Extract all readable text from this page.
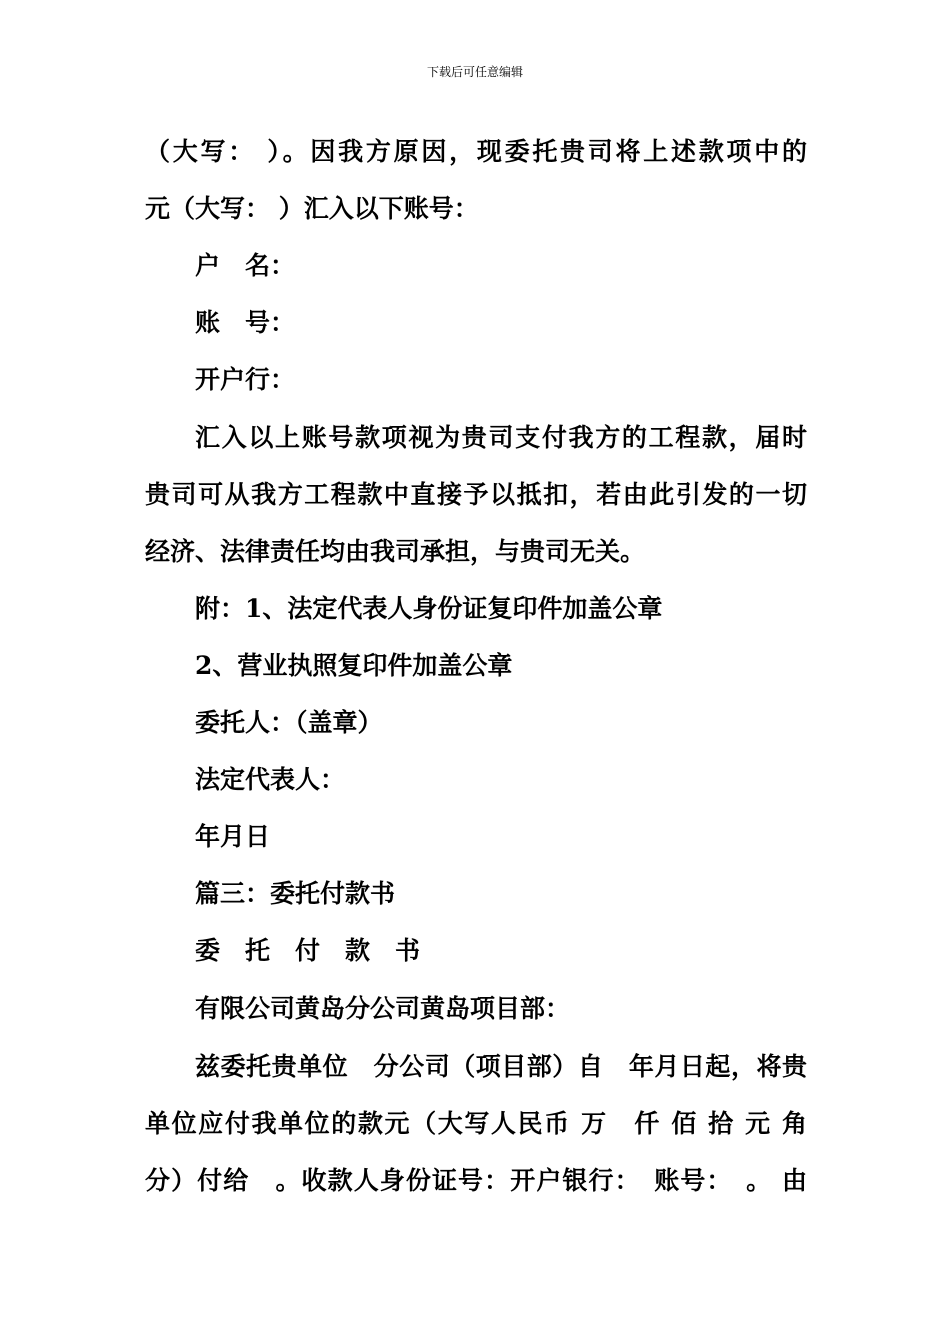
下载后可任意编辑
（大写： ）。因我方原因，现委托贵司将上述款项中的
元（大写： ）汇入以下账号：
户　名：
账　号：
开户行：
汇入以上账号款项视为贵司支付我方的工程款，届时
贵司可从我方工程款中直接予以抵扣，若由此引发的一切
经济、法律责任均由我司承担，与贵司无关。
附：1、法定代表人身份证复印件加盖公章
2、营业执照复印件加盖公章
委托人：（盖章）
法定代表人：
年月日
篇三：委托付款书
委　托　付　款　书
有限公司黄岛分公司黄岛项目部：
兹委托贵单位　分公司（项目部）自　年月日起，将贵
单位应付我单位的款元（大写人民币 万　仟 佰 拾 元 角
分）付给　。收款人身份证号：开户银行：　账号：　。 由
